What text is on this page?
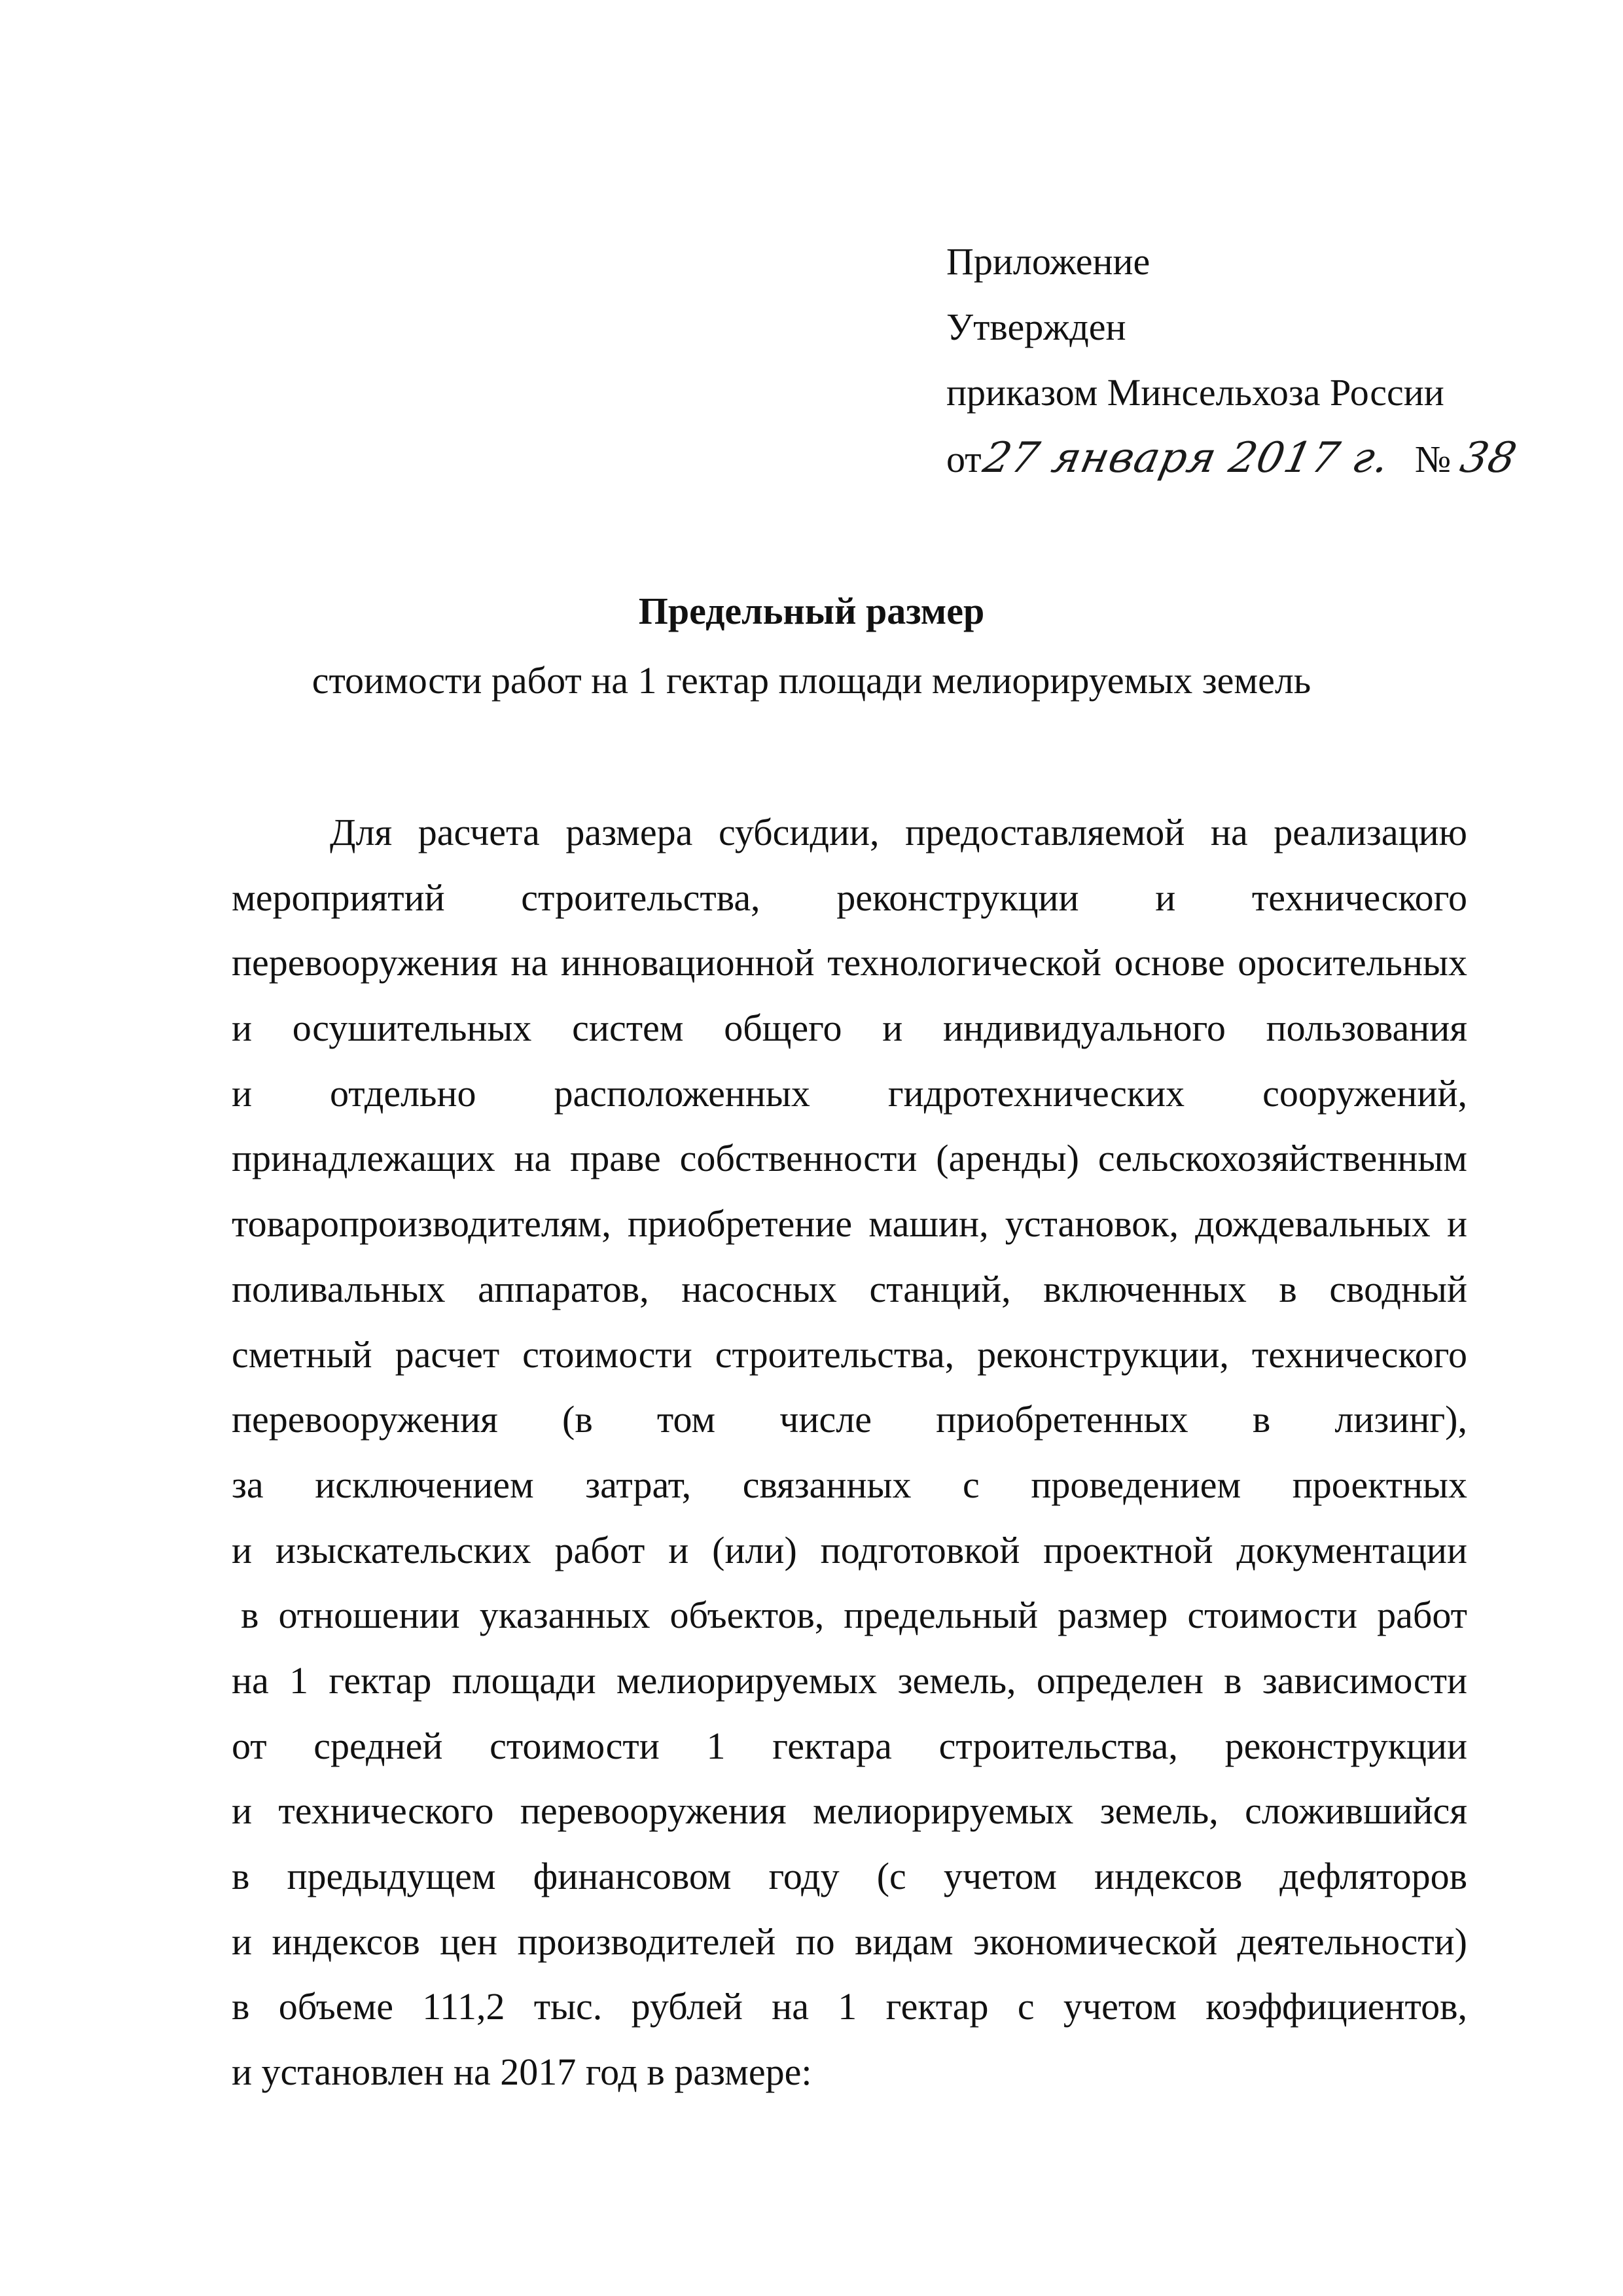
Приложение
Утвержден
приказом Минсельхоза России
от27 января 2017 г. № 38
Предельный размер
стоимости работ на 1 гектар площади мелиорируемых земель
Для расчета размера субсидии, предоставляемой на реализацию
мероприятий строительства, реконструкции и технического
перевооружения на инновационной технологической основе оросительных
и осушительных систем общего и индивидуального пользования
и отдельно расположенных гидротехнических сооружений,
принадлежащих на праве собственности (аренды) сельскохозяйственным
товаропроизводителям, приобретение машин, установок, дождевальных и
поливальных аппаратов, насосных станций, включенных в сводный
сметный расчет стоимости строительства, реконструкции, технического
перевооружения (в том числе приобретенных в лизинг),
за исключением затрат, связанных с проведением проектных
и изыскательских работ и (или) подготовкой проектной документации
в отношении указанных объектов, предельный размер стоимости работ
на 1 гектар площади мелиорируемых земель, определен в зависимости
от средней стоимости 1 гектара строительства, реконструкции
и технического перевооружения мелиорируемых земель, сложившийся
в предыдущем финансовом году (с учетом индексов дефляторов
и индексов цен производителей по видам экономической деятельности)
в объеме 111,2 тыс. рублей на 1 гектар с учетом коэффициентов,
и установлен на 2017 год в размере:
